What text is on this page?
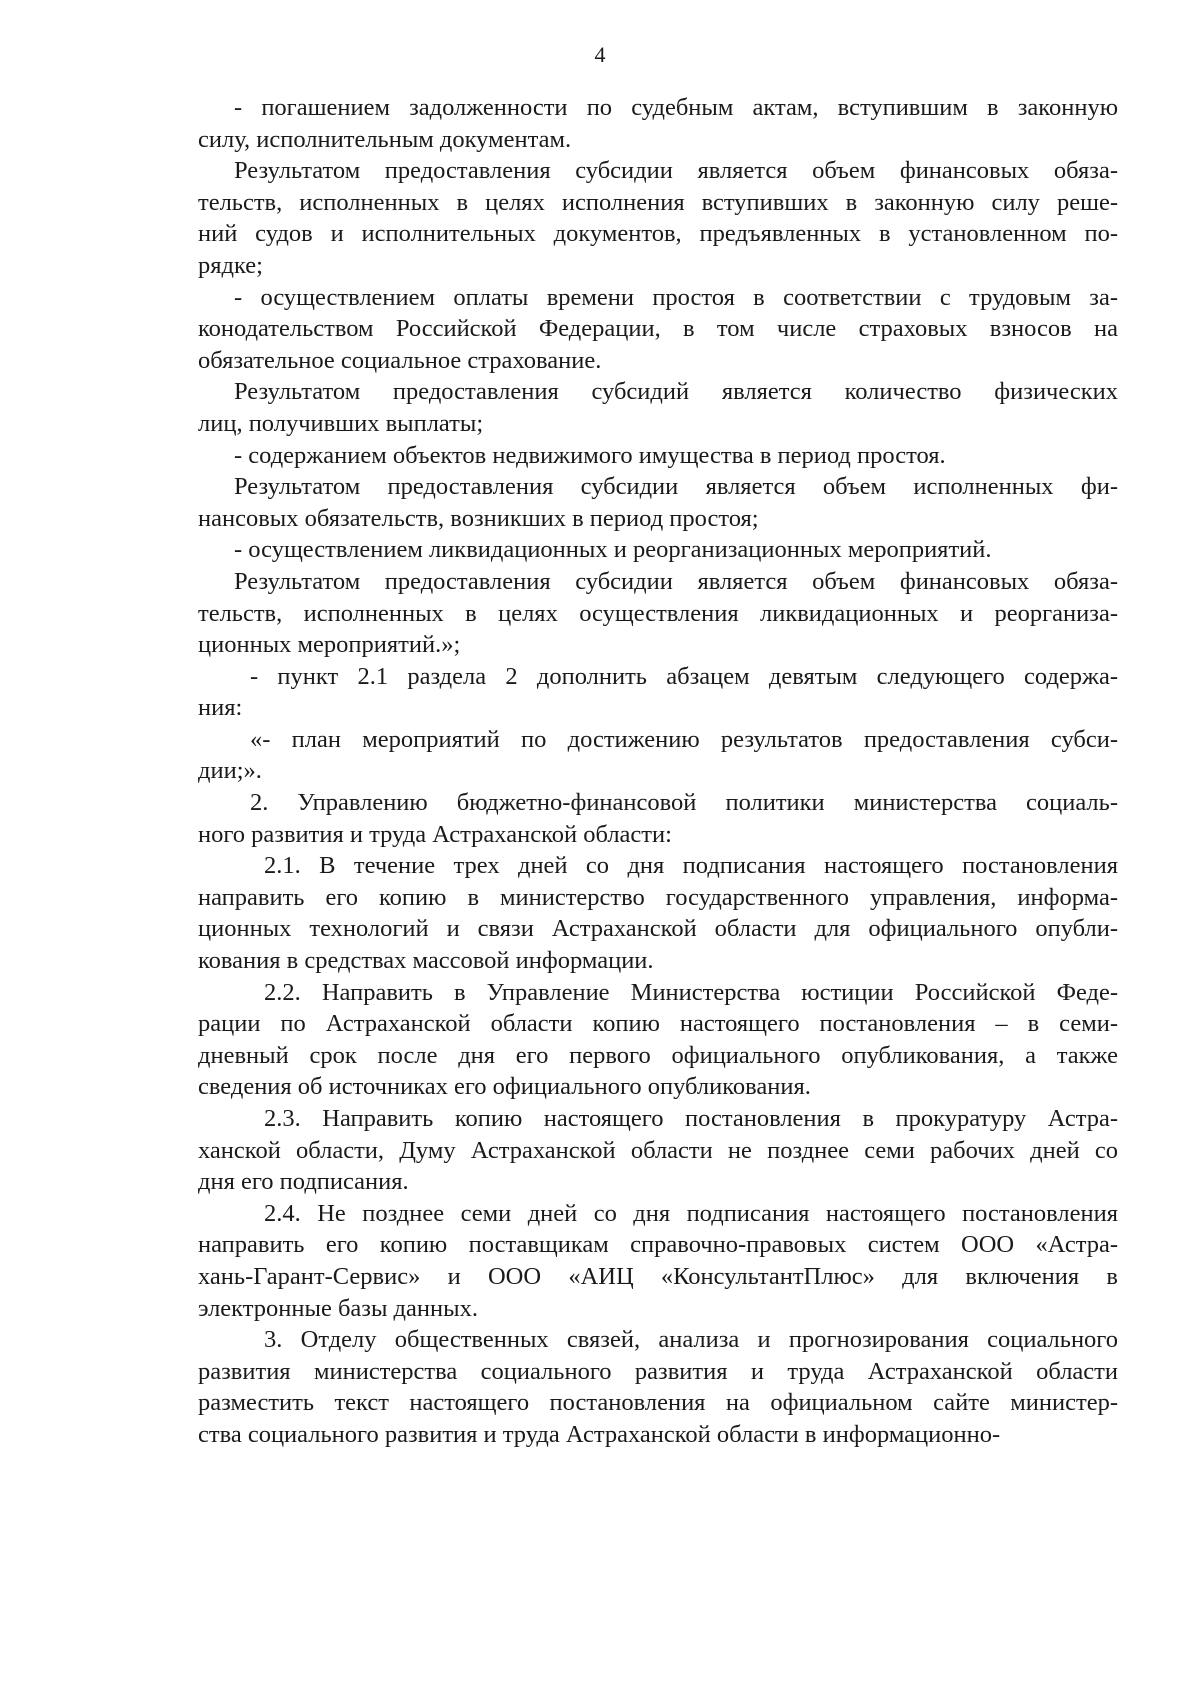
4
- погашением задолженности по судебным актам, вступившим в законную
силу, исполнительным документам.
Результатом предоставления субсидии является объем финансовых обяза-
тельств, исполненных в целях исполнения вступивших в законную силу реше-
ний судов и исполнительных документов, предъявленных в установленном по-
рядке;
- осуществлением оплаты времени простоя в соответствии с трудовым за-
конодательством Российской Федерации, в том числе страховых взносов на
обязательное социальное страхование.
Результатом предоставления субсидий является количество физических
лиц, получивших выплаты;
- содержанием объектов недвижимого имущества в период простоя.
Результатом предоставления субсидии является объем исполненных фи-
нансовых обязательств, возникших в период простоя;
- осуществлением ликвидационных и реорганизационных мероприятий.
Результатом предоставления субсидии является объем финансовых обяза-
тельств, исполненных в целях осуществления ликвидационных и реорганиза-
ционных мероприятий.»;
- пункт 2.1 раздела 2 дополнить абзацем девятым следующего содержа-
ния:
«- план мероприятий по достижению результатов предоставления субси-
дии;».
2. Управлению бюджетно-финансовой политики министерства социаль-
ного развития и труда Астраханской области:
2.1. В течение трех дней со дня подписания настоящего постановления
направить его копию в министерство государственного управления, информа-
ционных технологий и связи Астраханской области для официального опубли-
кования в средствах массовой информации.
2.2. Направить в Управление Министерства юстиции Российской Феде-
рации по Астраханской области копию настоящего постановления – в семи-
дневный срок после дня его первого официального опубликования, а также
сведения об источниках его официального опубликования.
2.3. Направить копию настоящего постановления в прокуратуру Астра-
ханской области, Думу Астраханской области не позднее семи рабочих дней со
дня его подписания.
2.4. Не позднее семи дней со дня подписания настоящего постановления
направить его копию поставщикам справочно-правовых систем ООО «Астра-
хань-Гарант-Сервис» и ООО «АИЦ «КонсультантПлюс» для включения в
электронные базы данных.
3. Отделу общественных связей, анализа и прогнозирования социального
развития министерства социального развития и труда Астраханской области
разместить текст настоящего постановления на официальном сайте министер-
ства социального развития и труда Астраханской области в информационно-
